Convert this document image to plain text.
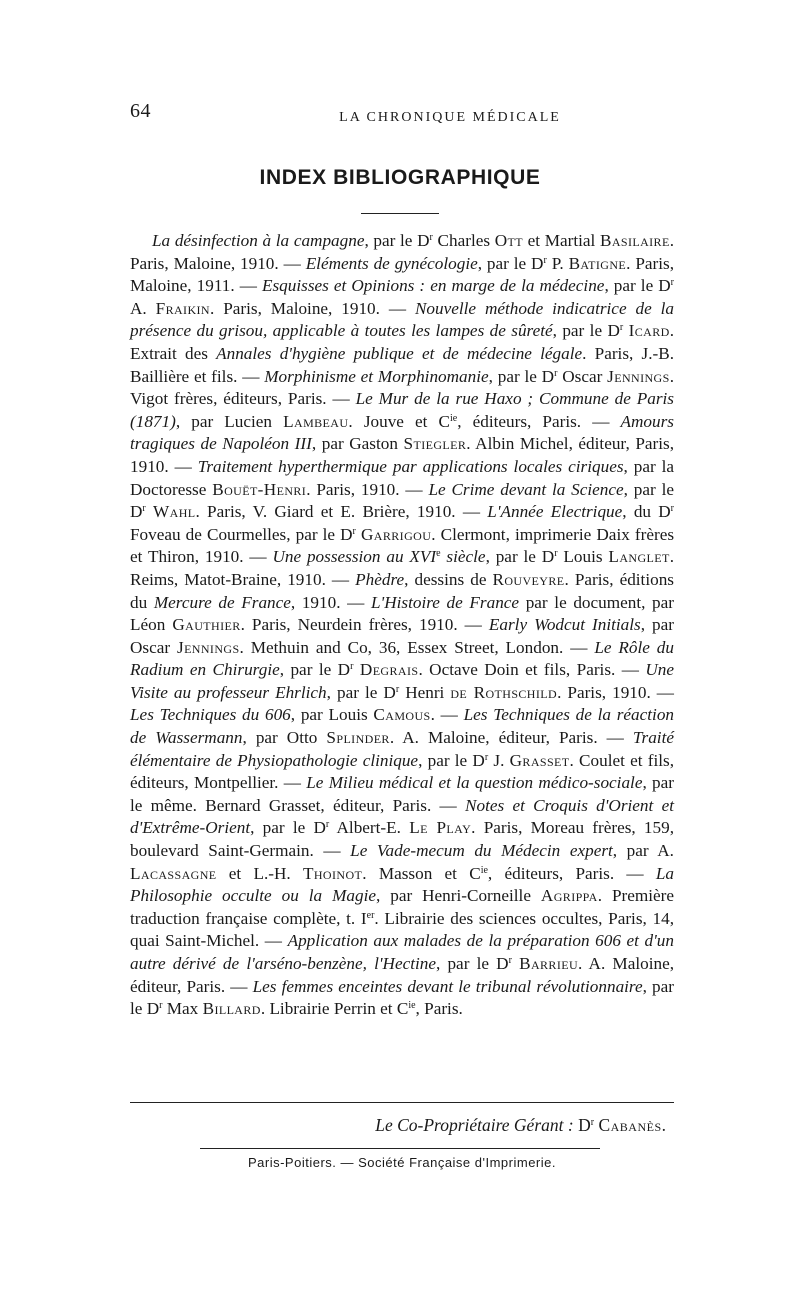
64	LA CHRONIQUE MÉDICALE
INDEX BIBLIOGRAPHIQUE

La désinfection à la campagne, par le $D^r$ Charles Ott et Martial Basilaire. Paris, Maloine, 1910. — Eléments de gynécologie, par le $D^r$ P. Batigne. Paris, Maloine, 1911. — Esquisses et Opinions : en marge de la médecine, par le $D^r$ A. Fraikin. Paris, Maloine, 1910. — Nouvelle méthode indicatrice de la présence du grisou, applicable à toutes les lampes de sûreté, par le $D^r$ Icard. Extrait des Annales d'hygiène publique et de médecine légale. Paris, J.-B. Baillière et fils. — Morphinisme et Morphinomanie, par le $D^r$ Oscar Jennings. Vigot frères, éditeurs, Paris. — Le Mur de la rue Haxo ; Commune de Paris (1871), par Lucien Lambeau. Jouve et $C^{ie}$, éditeurs, Paris. — Amours tragiques de Napoléon III, par Gaston Stiegler. Albin Michel, éditeur, Paris, 1910. — Traitement hyperthermique par applications locales ciriques, par la Doctoresse Bouët-Henri. Paris, 1910. — Le Crime devant la Science, par le $D^r$ Wahl. Paris, V. Giard et E. Brière, 1910. — L'Année Electrique, du $D^r$ Foveau de Courmelles, par le $D^r$ Garrigou. Clermont, imprimerie Daix frères et Thiron, 1910. — Une possession au XVIe siècle, par le $D^r$ Louis Langlet. Reims, Matot-Braine, 1910. — Phèdre, dessins de Rouveyre. Paris, éditions du Mercure de France, 1910. — L'Histoire de France par le document, par Léon Gauthier. Paris, Neurdein frères, 1910. — Early Wodcut Initials, par Oscar Jennings. Methuin and Co, 36, Essex Street, London. — Le Rôle du Radium en Chirurgie, par le $D^r$ Degrais. Octave Doin et fils, Paris. — Une Visite au professeur Ehrlich, par le $D^r$ Henri de Rothschild. Paris, 1910. — Les Techniques du 606, par Louis Camous. — Les Techniques de la réaction de Wassermann, par Otto Splinder. A. Maloine, éditeur, Paris. — Traité élémentaire de Physiopathologie clinique, par le $D^r$ J. Grasset. Coulet et fils, éditeurs, Montpellier. — Le Milieu médical et la question médico-sociale, par le même. Bernard Grasset, éditeur, Paris. — Notes et Croquis d'Orient et d'Extrême-Orient, par le $D^r$ Albert-E. Le Play. Paris, Moreau frères, 159, boulevard Saint-Germain. — Le Vade-mecum du Médecin expert, par A. Lacassagne et L.-H. Thoinot. Masson et $C^{ie}$, éditeurs, Paris. — La Philosophie occulte ou la Magie, par Henri-Corneille Agrippa. Première traduction française complète, t. Ier. Librairie des sciences occultes, Paris, 14, quai Saint-Michel. — Application aux malades de la préparation 606 et d'un autre dérivé de l'arséno-benzène, l'Hectine, par le $D^r$ Barrieu. A. Maloine, éditeur, Paris. — Les femmes enceintes devant le tribunal révolutionnaire, par le $D^r$ Max Billard. Librairie Perrin et $C^{ie}$, Paris.

Le Co-Propriétaire Gérant : $D^r$ Cabanès.
Paris-Poitiers. — Société Française d'Imprimerie.
